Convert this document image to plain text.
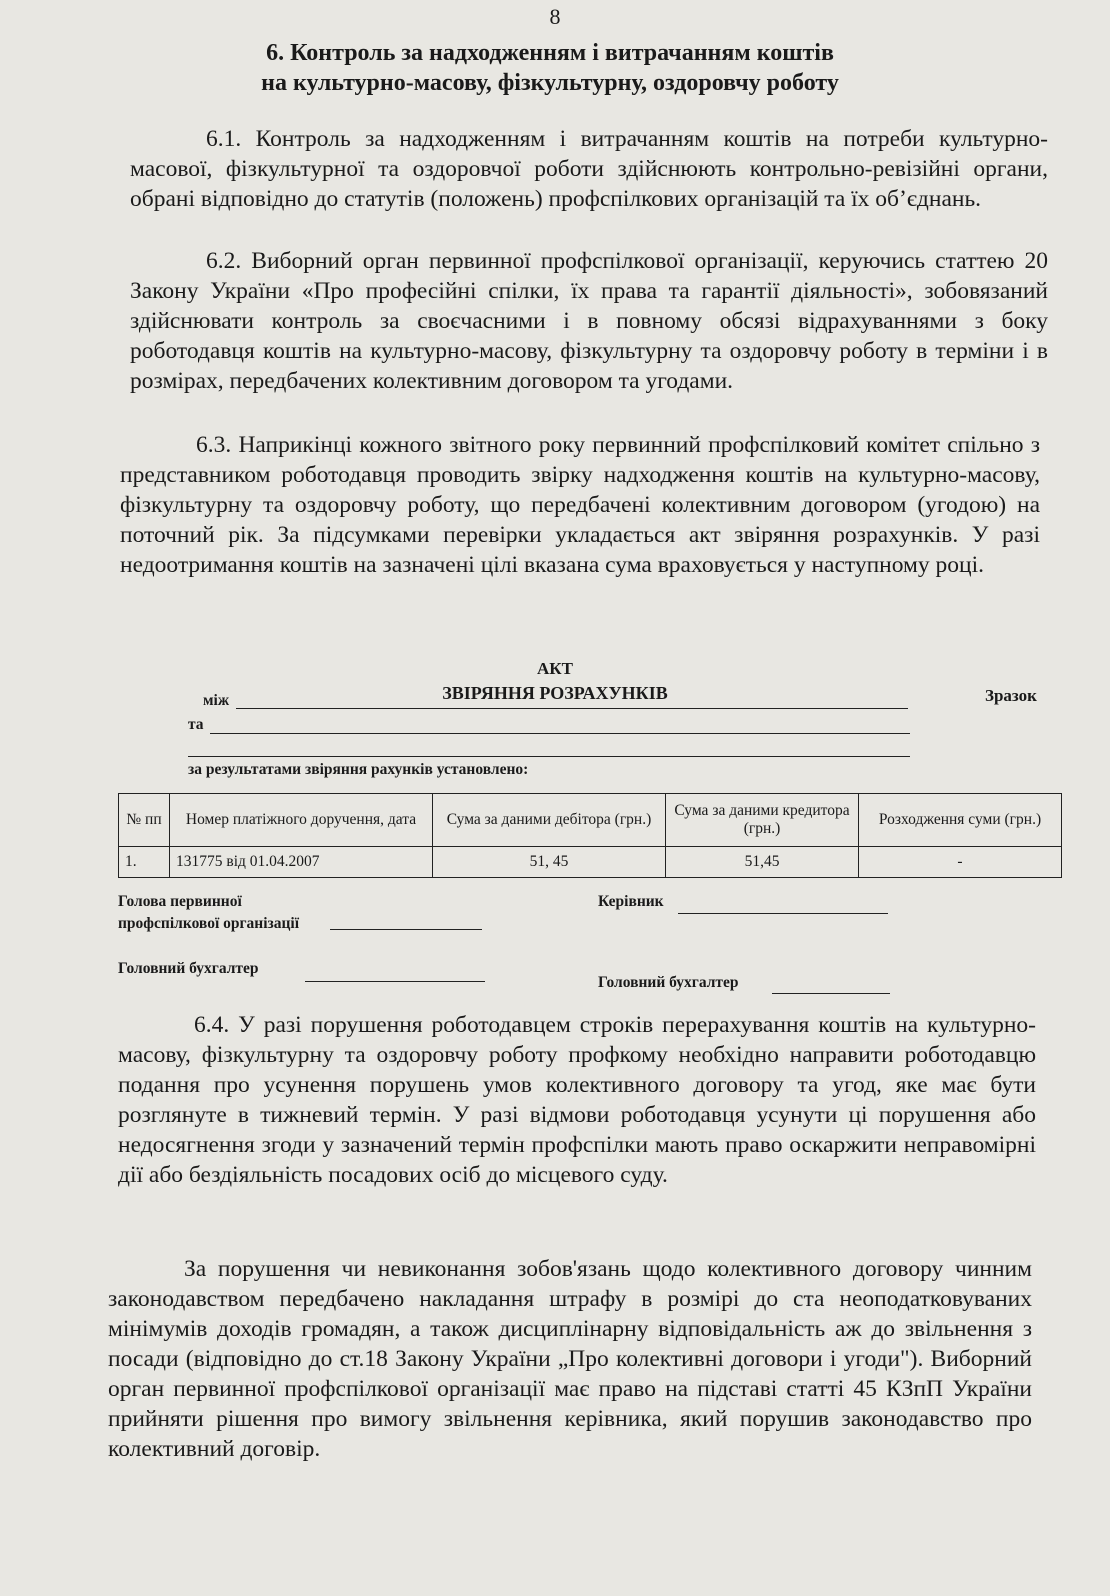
8
6. Контроль за надходженням і витрачанням коштів
на культурно-масову, фізкультурну, оздоровчу роботу
6.1. Контроль за надходженням і витрачанням коштів на потреби культурно-масової, фізкультурної та оздоровчої роботи здійснюють контрольно-ревізійні органи, обрані відповідно до статутів (положень) профспілкових організацій та їх об’єднань.
6.2. Виборний орган первинної профспілкової організації, керуючись статтею 20 Закону України «Про професійні спілки, їх права та гарантії діяльності», зобовязаний здійснювати контроль за своєчасними і в повному обсязі відрахуваннями з боку роботодавця коштів на культурно-масову, фізкультурну та оздоровчу роботу в терміни і в розмірах, передбачених колективним договором та угодами.
6.3. Наприкінці кожного звітного року первинний профспілковий комітет спільно з представником роботодавця проводить звірку надходження коштів на культурно-масову, фізкультурну та оздоровчу роботу, що передбачені колективним договором (угодою) на поточний рік. За підсумками перевірки укладається акт звіряння розрахунків. У разі недоотримання коштів на зазначені цілі вказана сума враховується у наступному році.
АКТ
ЗВІРЯННЯ РОЗРАХУНКІВ	Зразок
між
та
за результатами звіряння рахунків установлено:
№ пп	Номер платіжного доручення, дата	Сума за даними дебітора (грн.)	Сума за даними кредитора (грн.)	Розходження суми (грн.)
1.	131775 від 01.04.2007	51, 45	51,45	-
Голова первинної
профспілкової організації
Керівник
Головний бухгалтер
Головний бухгалтер
6.4. У разі порушення роботодавцем строків перерахування коштів на культурно-масову, фізкультурну та оздоровчу роботу профкому необхідно направити роботодавцю подання про усунення порушень умов колективного договору та угод, яке має бути розглянуте в тижневий термін. У разі відмови роботодавця усунути ці порушення або недосягнення згоди у зазначений термін профспілки мають право оскаржити неправомірні дії або бездіяльність посадових осіб до місцевого суду.
За порушення чи невиконання зобов'язань щодо колективного договору чинним законодавством передбачено накладання штрафу в розмірі до ста неоподатковуваних мінімумів доходів громадян, а також дисциплінарну відповідальність аж до звільнення з посади (відповідно до ст.18 Закону України „Про колективні договори і угоди"). Виборний орган первинної профспілкової організації має право на підставі статті 45 КЗпП України прийняти рішення про вимогу звільнення керівника, який порушив законодавство про колективний договір.
